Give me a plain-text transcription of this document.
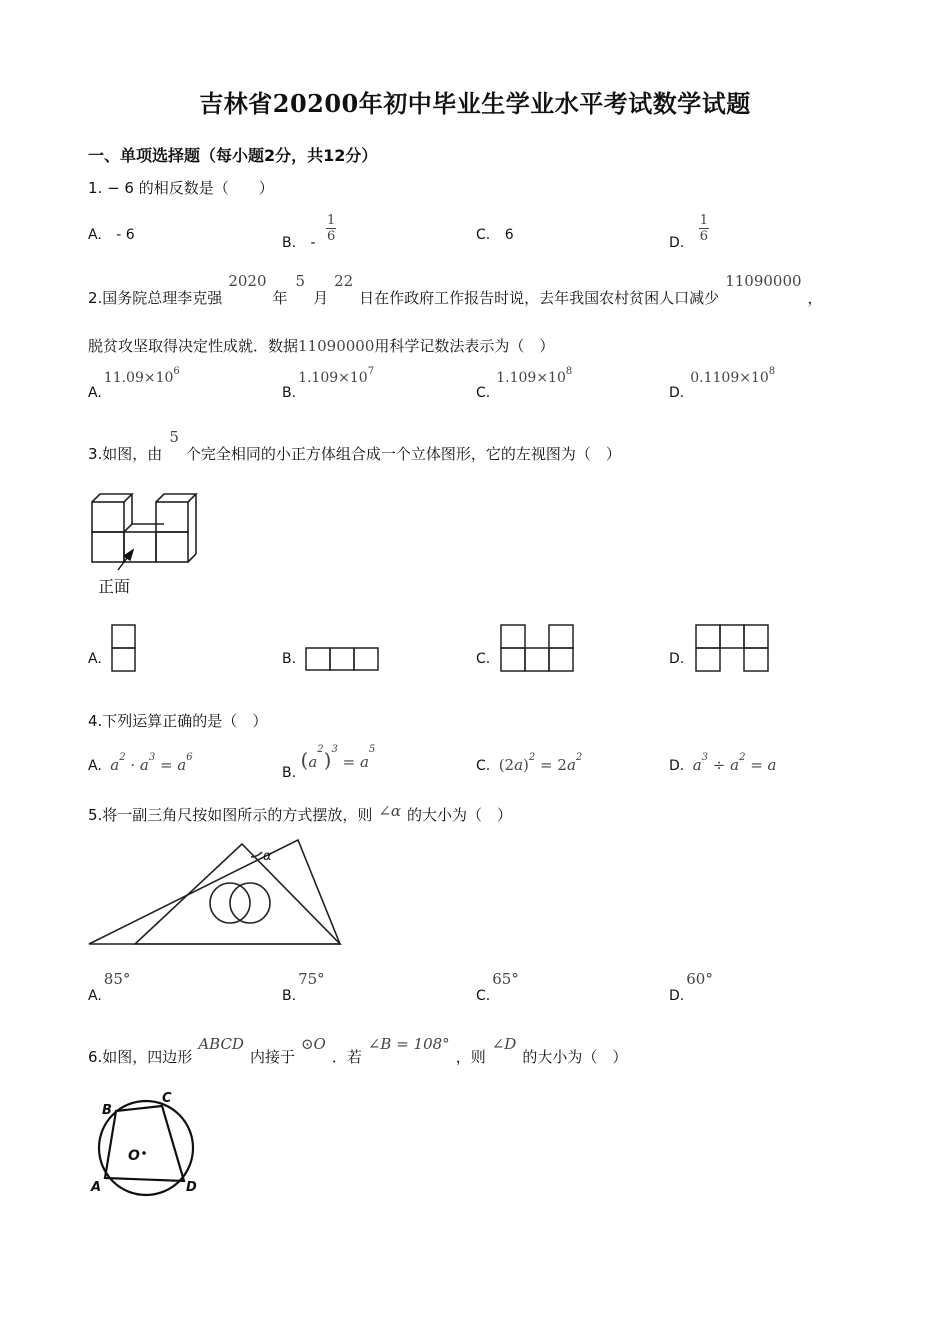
吉林省20200年初中毕业生学业水平考试数学试题
一、单项选择题（每小题2分，共12分）
1. − 6 的相反数是（　　）
A. - 6	B. - $\frac{1}{6}$	C. 6	D. $\frac{1}{6}$
2.国务院总理李克强2020年5月22日在作政府工作报告时说，去年我国农村贫困人口减少11090000，
脱贫攻坚取得决定性成就．数据11090000用科学记数法表示为（　）
$A.11.09\times 10^6$
$B.1.109\times 10^7$
$C.1.109\times 10^8$
$D.0.1109\times 10^8$
3.如图，由5个完全相同的小正方体组合成一个立体图形，它的左视图为（　）
正面
A.	B.	C.	D.
4.下列运算正确的是（　）
A. $a^2 \cdot a^3 = a^6$
B. $(a^2)^3 = a^5$
C. $(2a)^2 = 2a^2$
D. $a^3 \div a^2 = a$
5.将一副三角尺按如图所示的方式摆放，则 ∠α 的大小为（　）
α
A.85°
B.75°
C.65°
D.60°
6.如图，四边形ABCD内接于⊙O．若∠B = 108°，则∠D的大小为（　）
B
C
A	D
O
